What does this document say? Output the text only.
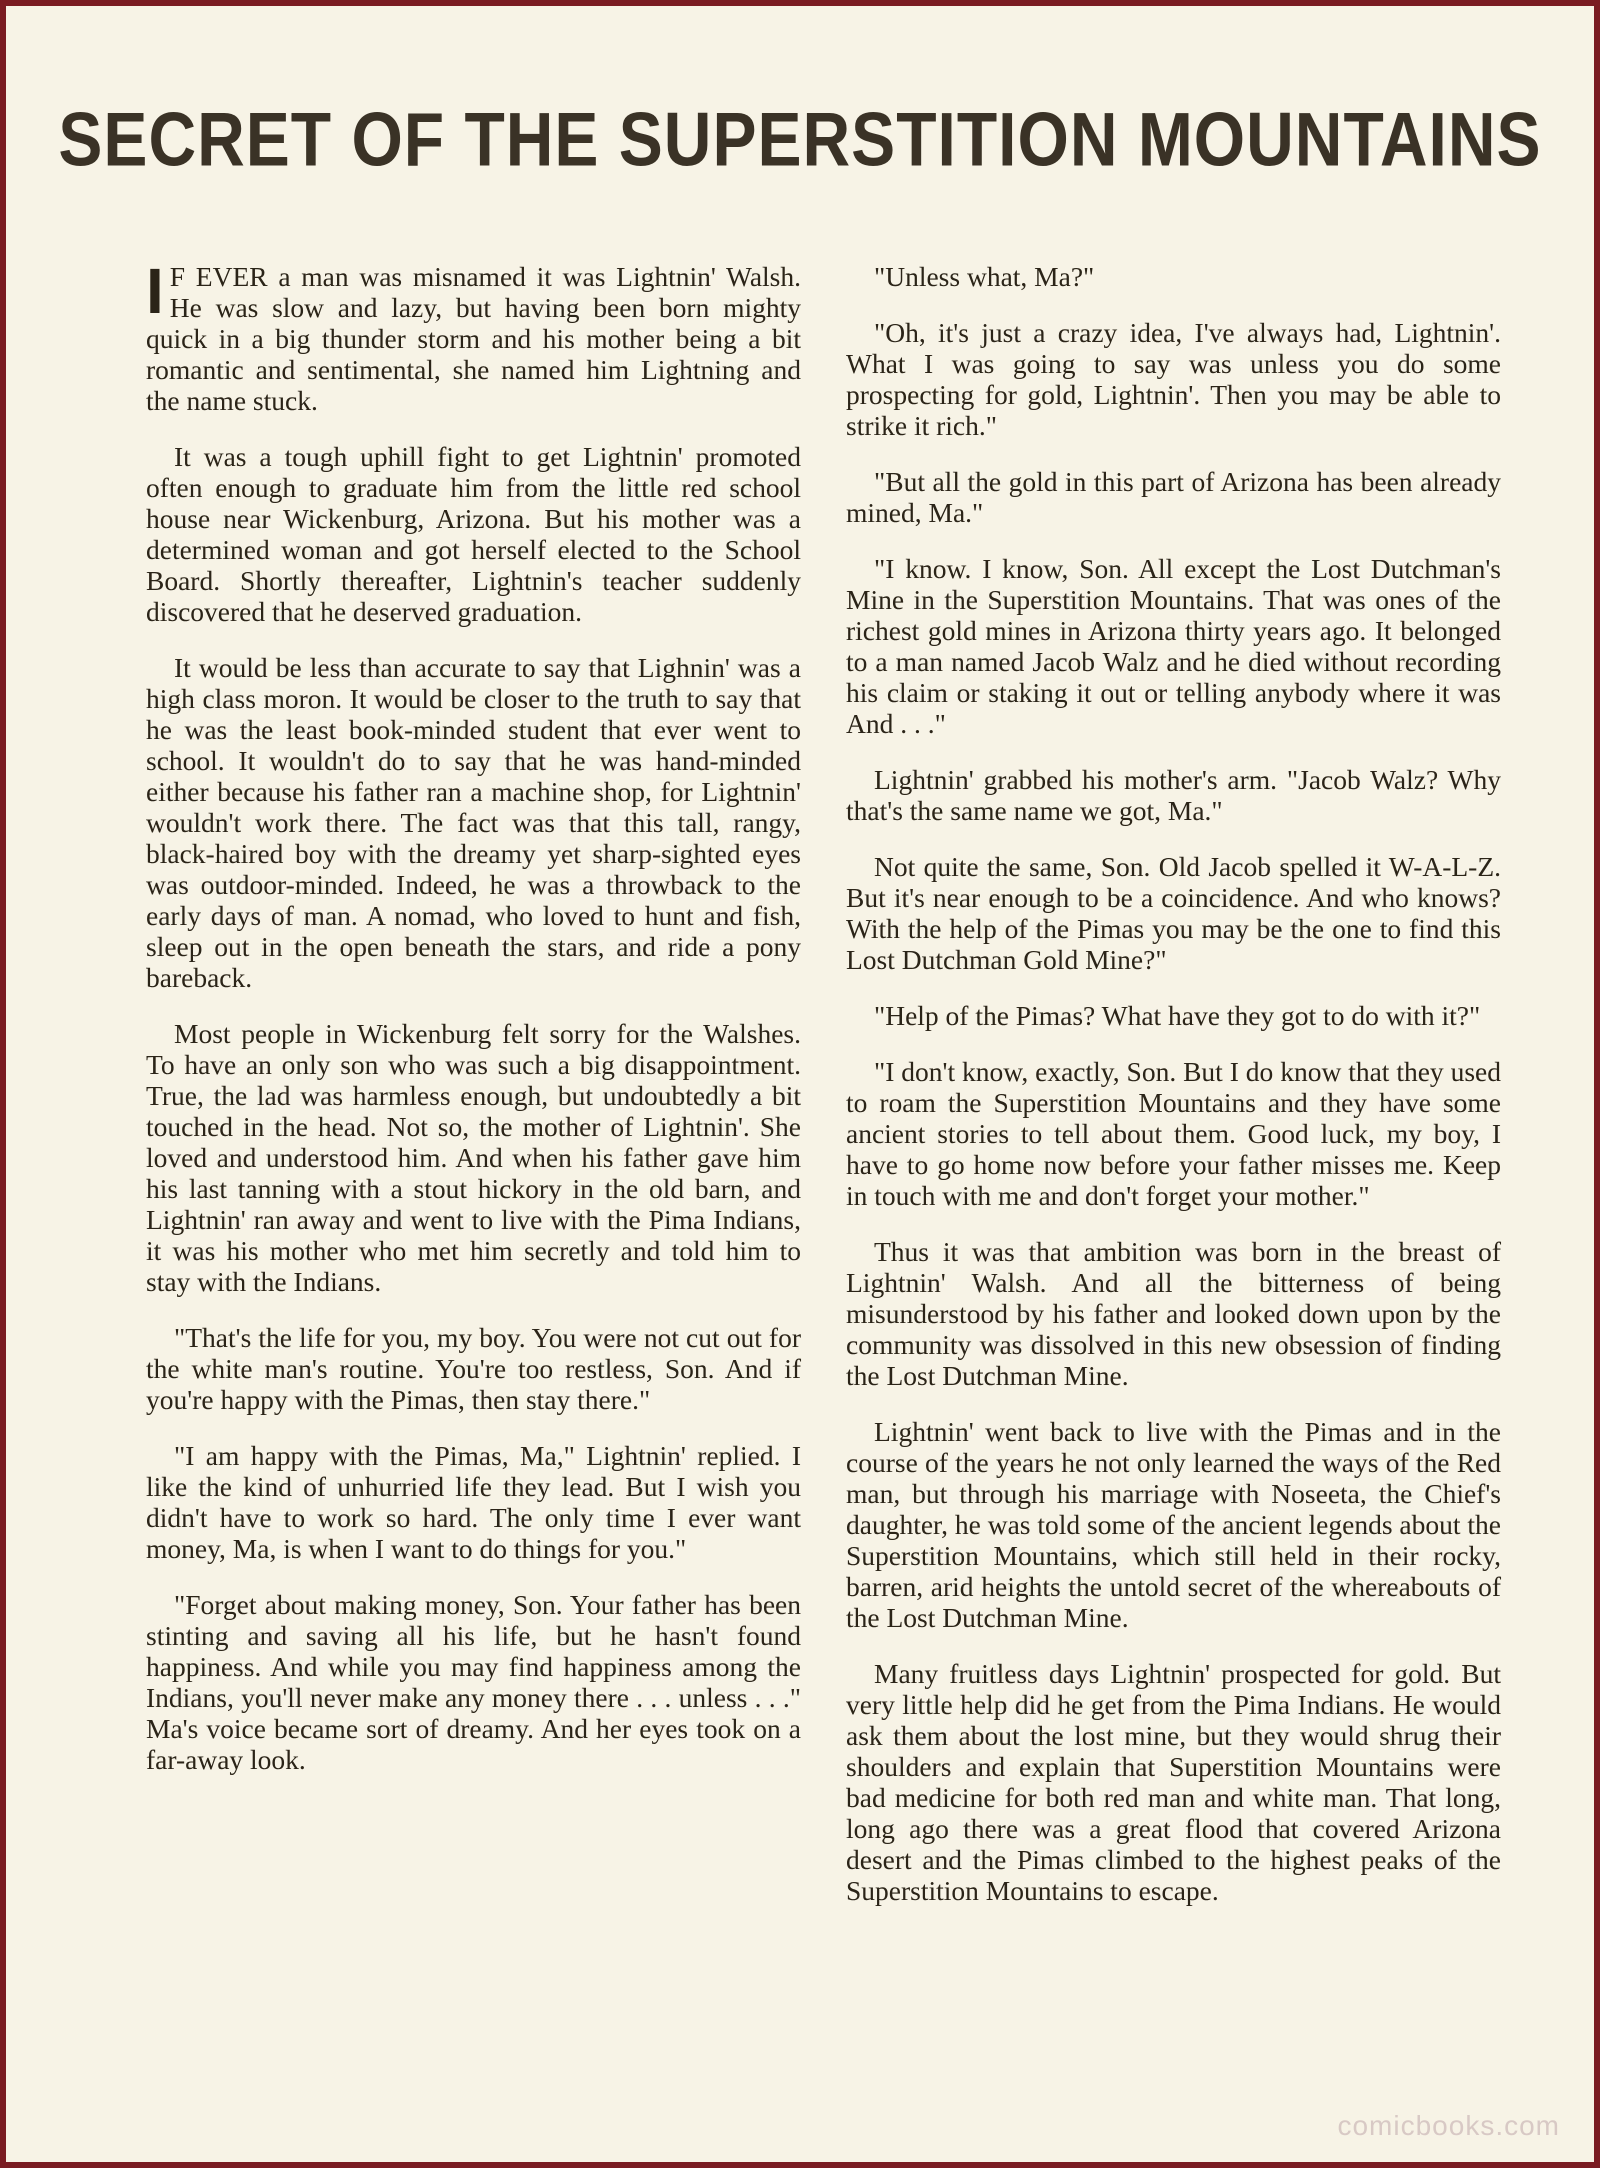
SECRET OF THE SUPERSTITION MOUNTAINS

I F EVER a man was misnamed it was Lightnin' Walsh. He was slow and lazy, but having been born mighty quick in a big thunder storm and his mother being a bit romantic and sentimental, she named him Lightning and the name stuck.

It was a tough uphill fight to get Lightnin' promoted often enough to graduate him from the little red school house near Wickenburg, Arizona. But his mother was a determined woman and got herself elected to the School Board. Shortly thereafter, Lightnin's teacher suddenly discovered that he deserved graduation.

It would be less than accurate to say that Lighnin' was a high class moron. It would be closer to the truth to say that he was the least book-minded student that ever went to school. It wouldn't do to say that he was hand-minded either because his father ran a machine shop, for Lightnin' wouldn't work there. The fact was that this tall, rangy, black-haired boy with the dreamy yet sharp-sighted eyes was outdoor-minded. Indeed, he was a throwback to the early days of man. A nomad, who loved to hunt and fish, sleep out in the open beneath the stars, and ride a pony bareback.

Most people in Wickenburg felt sorry for the Walshes. To have an only son who was such a big disappointment. True, the lad was harmless enough, but undoubtedly a bit touched in the head. Not so, the mother of Lightnin'. She loved and understood him. And when his father gave him his last tanning with a stout hickory in the old barn, and Lightnin' ran away and went to live with the Pima Indians, it was his mother who met him secretly and told him to stay with the Indians.

"That's the life for you, my boy. You were not cut out for the white man's routine. You're too restless, Son. And if you're happy with the Pimas, then stay there."

"I am happy with the Pimas, Ma," Lightnin' replied. I like the kind of unhurried life they lead. But I wish you didn't have to work so hard. The only time I ever want money, Ma, is when I want to do things for you."

"Forget about making money, Son. Your father has been stinting and saving all his life, but he hasn't found happiness. And while you may find happiness among the Indians, you'll never make any money there . . . unless . . ." Ma's voice became sort of dreamy. And her eyes took on a far-away look.

"Unless what, Ma?"

"Oh, it's just a crazy idea, I've always had, Lightnin'. What I was going to say was unless you do some prospecting for gold, Lightnin'. Then you may be able to strike it rich."

"But all the gold in this part of Arizona has been already mined, Ma."

"I know. I know, Son. All except the Lost Dutchman's Mine in the Superstition Mountains. That was ones of the richest gold mines in Arizona thirty years ago. It belonged to a man named Jacob Walz and he died without recording his claim or staking it out or telling anybody where it was And . . ."

Lightnin' grabbed his mother's arm. "Jacob Walz? Why that's the same name we got, Ma."

Not quite the same, Son. Old Jacob spelled it W-A-L-Z. But it's near enough to be a coincidence. And who knows? With the help of the Pimas you may be the one to find this Lost Dutchman Gold Mine?"

"Help of the Pimas? What have they got to do with it?"

"I don't know, exactly, Son. But I do know that they used to roam the Superstition Mountains and they have some ancient stories to tell about them. Good luck, my boy, I have to go home now before your father misses me. Keep in touch with me and don't forget your mother."

Thus it was that ambition was born in the breast of Lightnin' Walsh. And all the bitterness of being misunderstood by his father and looked down upon by the community was dissolved in this new obsession of finding the Lost Dutchman Mine.

Lightnin' went back to live with the Pimas and in the course of the years he not only learned the ways of the Red man, but through his marriage with Noseeta, the Chief's daughter, he was told some of the ancient legends about the Superstition Mountains, which still held in their rocky, barren, arid heights the untold secret of the whereabouts of the Lost Dutchman Mine.

Many fruitless days Lightnin' prospected for gold. But very little help did he get from the Pima Indians. He would ask them about the lost mine, but they would shrug their shoulders and explain that Superstition Mountains were bad medicine for both red man and white man. That long, long ago there was a great flood that covered Arizona desert and the Pimas climbed to the highest peaks of the Superstition Mountains to escape.

comicbooks.com
